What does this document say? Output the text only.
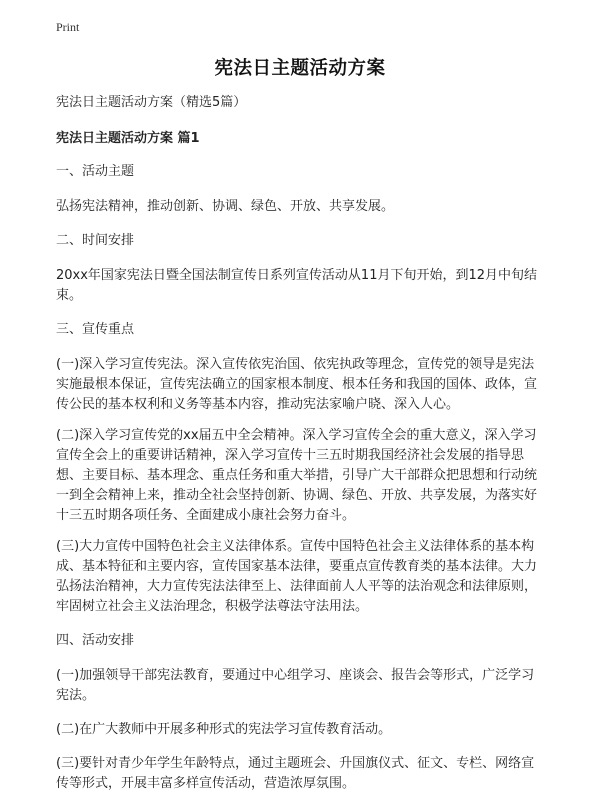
Print
宪法日主题活动方案

宪法日主题活动方案（精选5篇）

宪法日主题活动方案 篇1

一、活动主题

弘扬宪法精神，推动创新、协调、绿色、开放、共享发展。

二、时间安排

20xx年国家宪法日暨全国法制宣传日系列宣传活动从11月下旬开始，到12月中旬结束。

三、宣传重点

(一)深入学习宣传宪法。深入宣传依宪治国、依宪执政等理念，宣传党的领导是宪法实施最根本保证，宣传宪法确立的国家根本制度、根本任务和我国的国体、政体，宣传公民的基本权利和义务等基本内容，推动宪法家喻户晓、深入人心。

(二)深入学习宣传党的xx届五中全会精神。深入学习宣传全会的重大意义，深入学习宣传全会上的重要讲话精神，深入学习宣传十三五时期我国经济社会发展的指导思想、主要目标、基本理念、重点任务和重大举措，引导广大干部群众把思想和行动统一到全会精神上来，推动全社会坚持创新、协调、绿色、开放、共享发展，为落实好十三五时期各项任务、全面建成小康社会努力奋斗。

(三)大力宣传中国特色社会主义法律体系。宣传中国特色社会主义法律体系的基本构成、基本特征和主要内容，宣传国家基本法律，要重点宣传教育类的基本法律。大力弘扬法治精神，大力宣传宪法法律至上、法律面前人人平等的法治观念和法律原则，牢固树立社会主义法治理念，积极学法尊法守法用法。

四、活动安排

(一)加强领导干部宪法教育，要通过中心组学习、座谈会、报告会等形式，广泛学习宪法。

(二)在广大教师中开展多种形式的宪法学习宣传教育活动。

(三)要针对青少年学生年龄特点，通过主题班会、升国旗仪式、征文、专栏、网络宣传等形式，开展丰富多样宣传活动，营造浓厚氛围。
